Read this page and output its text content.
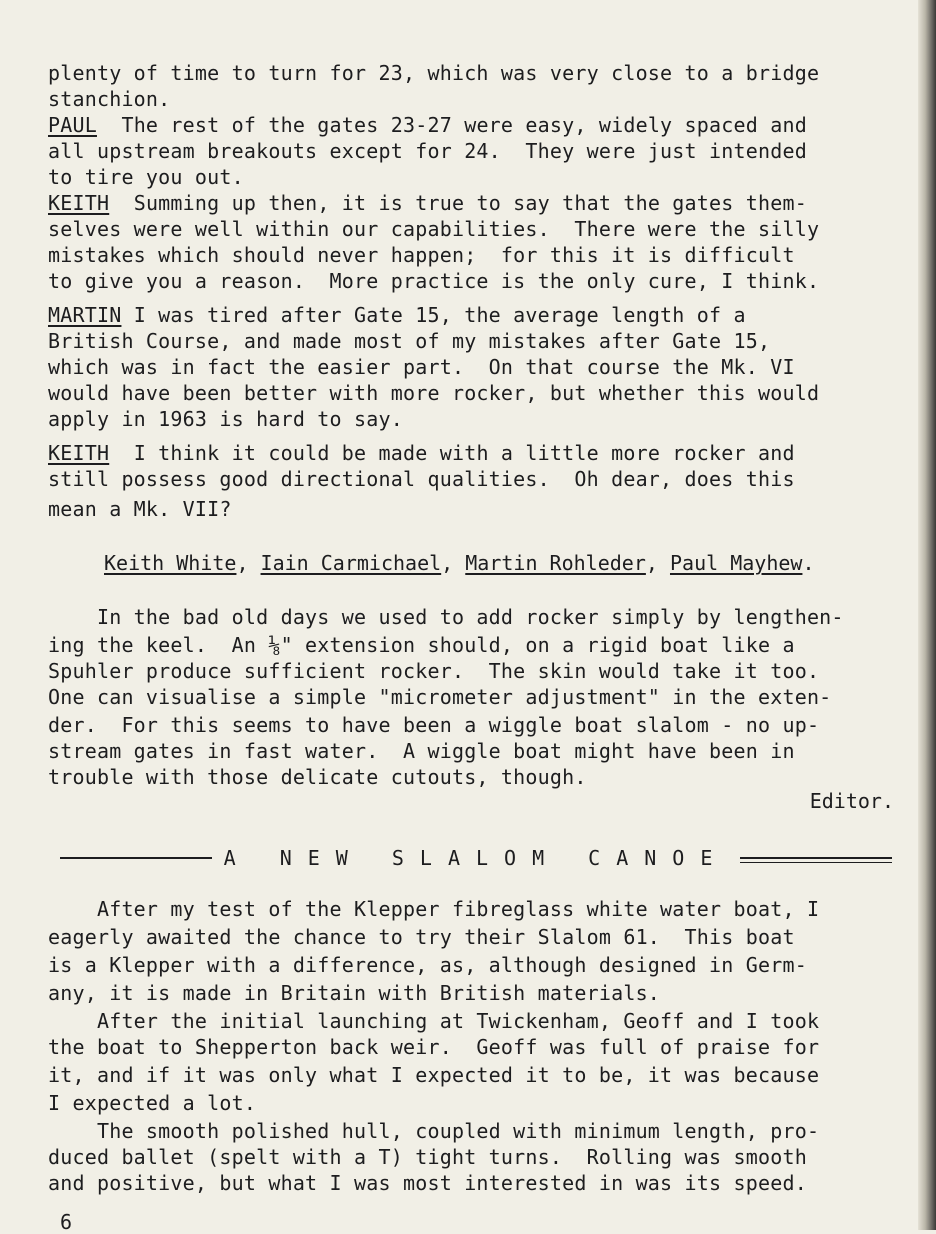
plenty of time to turn for 23, which was very close to a bridge
stanchion.
PAUL  The rest of the gates 23-27 were easy, widely spaced and
all upstream breakouts except for 24.  They were just intended
to tire you out.
KEITH  Summing up then, it is true to say that the gates them-
selves were well within our capabilities.  There were the silly
mistakes which should never happen;  for this it is difficult
to give you a reason.  More practice is the only cure, I think.
MARTIN I was tired after Gate 15, the average length of a
British Course, and made most of my mistakes after Gate 15,
which was in fact the easier part.  On that course the Mk. VI
would have been better with more rocker, but whether this would
apply in 1963 is hard to say.
KEITH  I think it could be made with a little more rocker and
still possess good directional qualities.  Oh dear, does this
mean a Mk. VII?
Keith White, Iain Carmichael, Martin Rohleder, Paul Mayhew.
In the bad old days we used to add rocker simply by lengthen-
ing the keel.  An ⅛" extension should, on a rigid boat like a
Spuhler produce sufficient rocker.  The skin would take it too.
One can visualise a simple "micrometer adjustment" in the exten-
der.  For this seems to have been a wiggle boat slalom - no up-
stream gates in fast water.  A wiggle boat might have been in
trouble with those delicate cutouts, though.
Editor.
A NEW SLALOM CANOE
After my test of the Klepper fibreglass white water boat, I
eagerly awaited the chance to try their Slalom 61.  This boat
is a Klepper with a difference, as, although designed in Germ-
any, it is made in Britain with British materials.
After the initial launching at Twickenham, Geoff and I took
the boat to Shepperton back weir.  Geoff was full of praise for
it, and if it was only what I expected it to be, it was because
I expected a lot.
The smooth polished hull, coupled with minimum length, pro-
duced ballet (spelt with a T) tight turns.  Rolling was smooth
and positive, but what I was most interested in was its speed.
6
